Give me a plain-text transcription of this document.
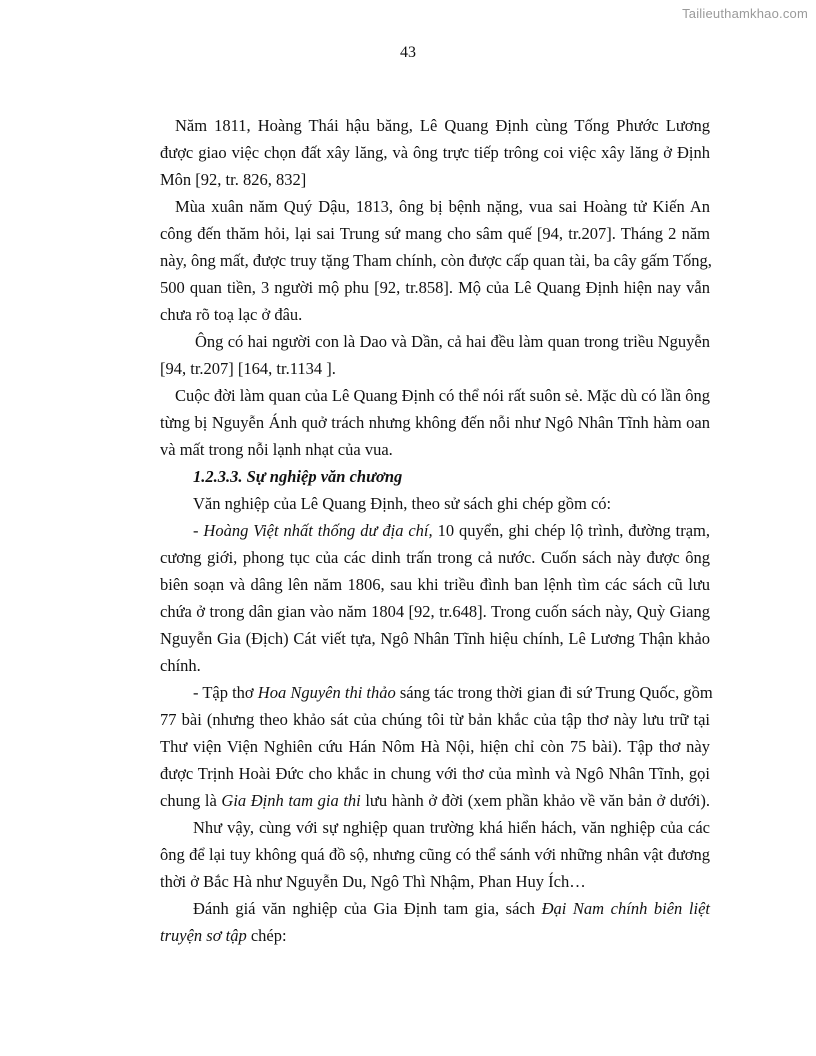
Tailieuthamkhao.com
43
Năm 1811, Hoàng Thái hậu băng, Lê Quang Định cùng Tống Phước Lương
được giao việc chọn đất xây lăng, và ông trực tiếp trông coi việc xây lăng ở Định
Môn [92, tr. 826, 832]
Mùa xuân năm Quý Dậu, 1813, ông bị bệnh nặng, vua sai Hoàng tử Kiến An
công đến thăm hỏi, lại sai Trung sứ mang cho sâm quế [94, tr.207]. Tháng 2 năm
này, ông mất, được truy tặng Tham chính, còn được cấp quan tài, ba cây gấm Tống,
500 quan tiền, 3 người mộ phu [92, tr.858]. Mộ của Lê Quang Định hiện nay vẫn
chưa rõ toạ lạc ở đâu.
Ông có hai người con là Dao và Dần, cả hai đều làm quan trong triều Nguyễn
[94, tr.207] [164, tr.1134 ].
Cuộc đời làm quan của Lê Quang Định có thể nói rất suôn sẻ. Mặc dù có lần ông
từng bị Nguyễn Ánh quở trách nhưng không đến nỗi như Ngô Nhân Tĩnh hàm oan
và mất trong nỗi lạnh nhạt của vua.
1.2.3.3. Sự nghiệp văn chương
Văn nghiệp của Lê Quang Định, theo sử sách ghi chép gồm có:
- Hoàng Việt nhất thống dư địa chí, 10 quyển, ghi chép lộ trình, đường trạm,
cương giới, phong tục của các dinh trấn trong cả nước. Cuốn sách này được ông
biên soạn và dâng lên năm 1806, sau khi triều đình ban lệnh tìm các sách cũ lưu
chứa ở trong dân gian vào năm 1804 [92, tr.648]. Trong cuốn sách này, Quỳ Giang
Nguyễn Gia (Địch) Cát viết tựa, Ngô Nhân Tĩnh hiệu chính, Lê Lương Thận khảo
chính.
- Tập thơ Hoa Nguyên thi thảo sáng tác trong thời gian đi sứ Trung Quốc, gồm
77 bài (nhưng theo khảo sát của chúng tôi từ bản khắc của tập thơ này lưu trữ tại
Thư viện Viện Nghiên cứu Hán Nôm Hà Nội, hiện chỉ còn 75 bài). Tập thơ này
được Trịnh Hoài Đức cho khắc in chung với thơ của mình và Ngô Nhân Tĩnh, gọi
chung là Gia Định tam gia thi lưu hành ở đời (xem phần khảo về văn bản ở dưới).
Như vậy, cùng với sự nghiệp quan trường khá hiển hách, văn nghiệp của các
ông để lại tuy không quá đồ sộ, nhưng cũng có thể sánh với những nhân vật đương
thời ở Bắc Hà như Nguyễn Du, Ngô Thì Nhậm, Phan Huy Ích…
Đánh giá văn nghiệp của Gia Định tam gia, sách Đại Nam chính biên liệt
truyện sơ tập chép:
